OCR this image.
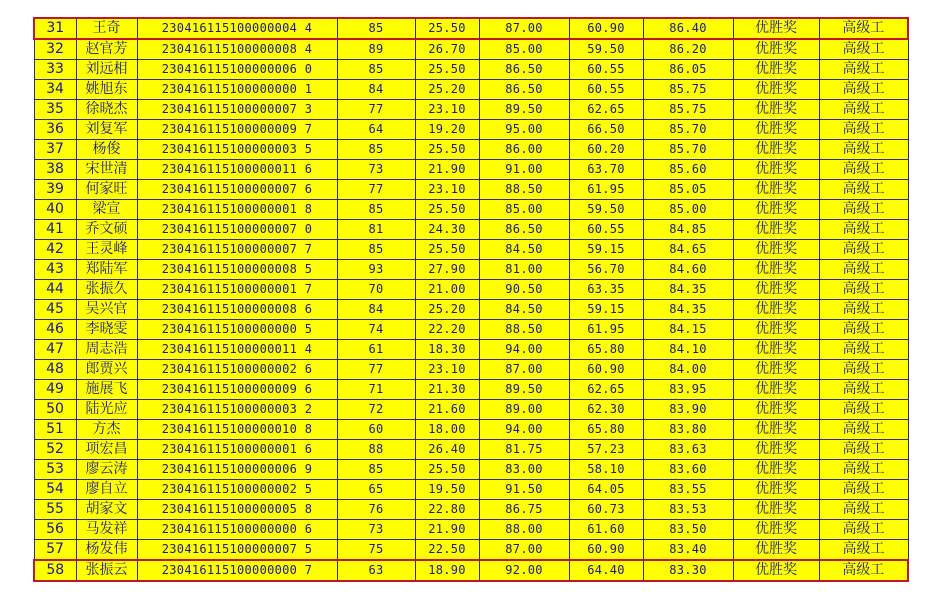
31	王奇	230416115100000004 4	85	25.50	87.00	60.90	86.40	优胜奖	高级工
32	赵官芳	230416115100000008 4	89	26.70	85.00	59.50	86.20	优胜奖	高级工
33	刘远相	230416115100000006 0	85	25.50	86.50	60.55	86.05	优胜奖	高级工
34	姚旭东	230416115100000000 1	84	25.20	86.50	60.55	85.75	优胜奖	高级工
35	徐晓杰	230416115100000007 3	77	23.10	89.50	62.65	85.75	优胜奖	高级工
36	刘复军	230416115100000009 7	64	19.20	95.00	66.50	85.70	优胜奖	高级工
37	杨俊	230416115100000003 5	85	25.50	86.00	60.20	85.70	优胜奖	高级工
38	宋世清	230416115100000011 6	73	21.90	91.00	63.70	85.60	优胜奖	高级工
39	何家旺	230416115100000007 6	77	23.10	88.50	61.95	85.05	优胜奖	高级工
40	梁宣	230416115100000001 8	85	25.50	85.00	59.50	85.00	优胜奖	高级工
41	乔文硕	230416115100000007 0	81	24.30	86.50	60.55	84.85	优胜奖	高级工
42	王灵峰	230416115100000007 7	85	25.50	84.50	59.15	84.65	优胜奖	高级工
43	郑陆军	230416115100000008 5	93	27.90	81.00	56.70	84.60	优胜奖	高级工
44	张振久	230416115100000001 7	70	21.00	90.50	63.35	84.35	优胜奖	高级工
45	吴兴官	230416115100000008 6	84	25.20	84.50	59.15	84.35	优胜奖	高级工
46	李晓雯	230416115100000000 5	74	22.20	88.50	61.95	84.15	优胜奖	高级工
47	周志浩	230416115100000011 4	61	18.30	94.00	65.80	84.10	优胜奖	高级工
48	郎贾兴	230416115100000002 6	77	23.10	87.00	60.90	84.00	优胜奖	高级工
49	施展飞	230416115100000009 6	71	21.30	89.50	62.65	83.95	优胜奖	高级工
50	陆光应	230416115100000003 2	72	21.60	89.00	62.30	83.90	优胜奖	高级工
51	方杰	230416115100000010 8	60	18.00	94.00	65.80	83.80	优胜奖	高级工
52	项宏昌	230416115100000001 6	88	26.40	81.75	57.23	83.63	优胜奖	高级工
53	廖云涛	230416115100000006 9	85	25.50	83.00	58.10	83.60	优胜奖	高级工
54	廖自立	230416115100000002 5	65	19.50	91.50	64.05	83.55	优胜奖	高级工
55	胡家文	230416115100000005 8	76	22.80	86.75	60.73	83.53	优胜奖	高级工
56	马发祥	230416115100000000 6	73	21.90	88.00	61.60	83.50	优胜奖	高级工
57	杨发伟	230416115100000007 5	75	22.50	87.00	60.90	83.40	优胜奖	高级工
58	张振云	230416115100000000 7	63	18.90	92.00	64.40	83.30	优胜奖	高级工
